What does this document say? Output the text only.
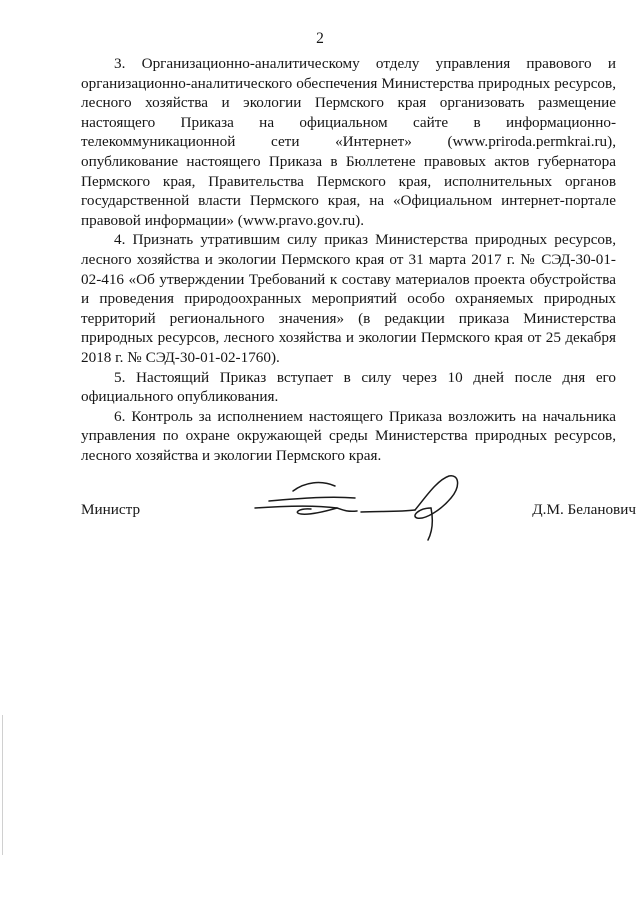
2

3. Организационно-аналитическому отделу управления правового и организационно-аналитического обеспечения Министерства природных ресурсов, лесного хозяйства и экологии Пермского края организовать размещение настоящего Приказа на официальном сайте в информационно-телекоммуникационной сети «Интернет» (www.priroda.permkrai.ru), опубликование настоящего Приказа в Бюллетене правовых актов губернатора Пермского края, Правительства Пермского края, исполнительных органов государственной власти Пермского края, на «Официальном интернет-портале правовой информации» (www.pravo.gov.ru).

4. Признать утратившим силу приказ Министерства природных ресурсов, лесного хозяйства и экологии Пермского края от 31 марта 2017 г. № СЭД-30-01-02-416 «Об утверждении Требований к составу материалов проекта обустройства и проведения природоохранных мероприятий особо охраняемых природных территорий регионального значения» (в редакции приказа Министерства природных ресурсов, лесного хозяйства и экологии Пермского края от 25 декабря 2018 г. № СЭД-30-01-02-1760).

5. Настоящий Приказ вступает в силу через 10 дней после дня его официального опубликования.

6. Контроль за исполнением настоящего Приказа возложить на начальника управления по охране окружающей среды Министерства природных ресурсов, лесного хозяйства и экологии Пермского края.

Министр	Д.М. Беланович
